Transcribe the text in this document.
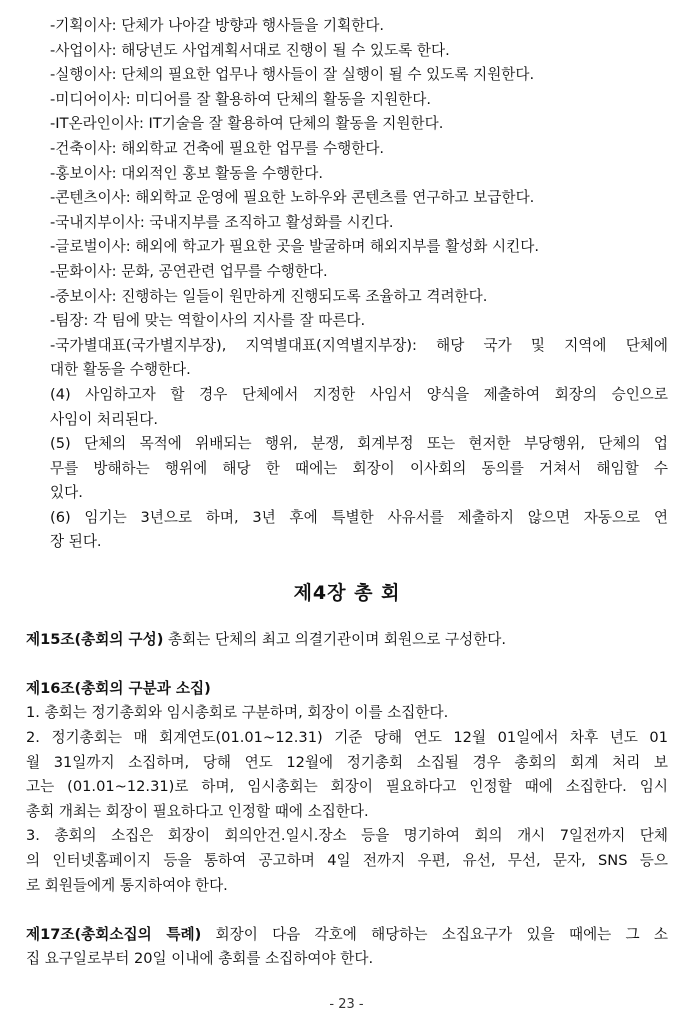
-기획이사: 단체가 나아갈 방향과 행사들을 기획한다.

-사업이사: 해당년도 사업계획서대로 진행이 될 수 있도록 한다.

-실행이사: 단체의 필요한 업무나 행사들이 잘 실행이 될 수 있도록 지원한다.

-미디어이사: 미디어를 잘 활용하여 단체의 활동을 지원한다.

-IT온라인이사: IT기술을 잘 활용하여 단체의 활동을 지원한다.

-건축이사: 해외학교 건축에 필요한 업무를 수행한다.

-홍보이사: 대외적인 홍보 활동을 수행한다.

-콘텐츠이사: 해외학교 운영에 필요한 노하우와 콘텐츠를 연구하고 보급한다.

-국내지부이사: 국내지부를 조직하고 활성화를 시킨다.

-글로벌이사: 해외에 학교가 필요한 곳을 발굴하며 해외지부를 활성화 시킨다.

-문화이사: 문화, 공연관련 업무를 수행한다.

-중보이사: 진행하는 일들이 원만하게 진행되도록 조율하고 격려한다.

-팀장: 각 팀에 맞는 역할이사의 지사를 잘 따른다.

-국가별대표(국가별지부장), 지역별대표(지역별지부장): 해당 국가 및 지역에 단체에

대한 활동을 수행한다.

(4) 사임하고자 할 경우 단체에서 지정한 사임서 양식을 제출하여 회장의 승인으로

사임이 처리된다.

(5) 단체의 목적에 위배되는 행위, 분쟁, 회계부정 또는 현저한 부당행위, 단체의 업

무를 방해하는 행위에 해당 한 때에는 회장이 이사회의 동의를 거쳐서 해임할 수

있다.

(6) 임기는 3년으로 하며, 3년 후에 특별한 사유서를 제출하지 않으면 자동으로 연

장 된다.

제4장 총 회

제15조(총회의 구성) 총회는 단체의 최고 의결기관이며 회원으로 구성한다.

제16조(총회의 구분과 소집)

1. 총회는 정기총회와 임시총회로 구분하며, 회장이 이를 소집한다.

2. 정기총회는 매 회계연도(01.01~12.31) 기준 당해 연도 12월 01일에서 차후 년도 01

월 31일까지 소집하며, 당해 연도 12월에 정기총회 소집될 경우 총회의 회계 처리 보

고는 (01.01~12.31)로 하며, 임시총회는 회장이 필요하다고 인정할 때에 소집한다. 임시

총회 개최는 회장이 필요하다고 인정할 때에 소집한다.

3. 총회의 소집은 회장이 회의안건.일시.장소 등을 명기하여 회의 개시 7일전까지 단체

의 인터넷홈페이지 등을 통하여 공고하며 4일 전까지 우편, 유선, 무선, 문자, SNS 등으

로 회원들에게 통지하여야 한다.

제17조(총회소집의 특례) 회장이 다음 각호에 해당하는 소집요구가 있을 때에는 그 소

집 요구일로부터 20일 이내에 총회를 소집하여야 한다.

- 23 -
